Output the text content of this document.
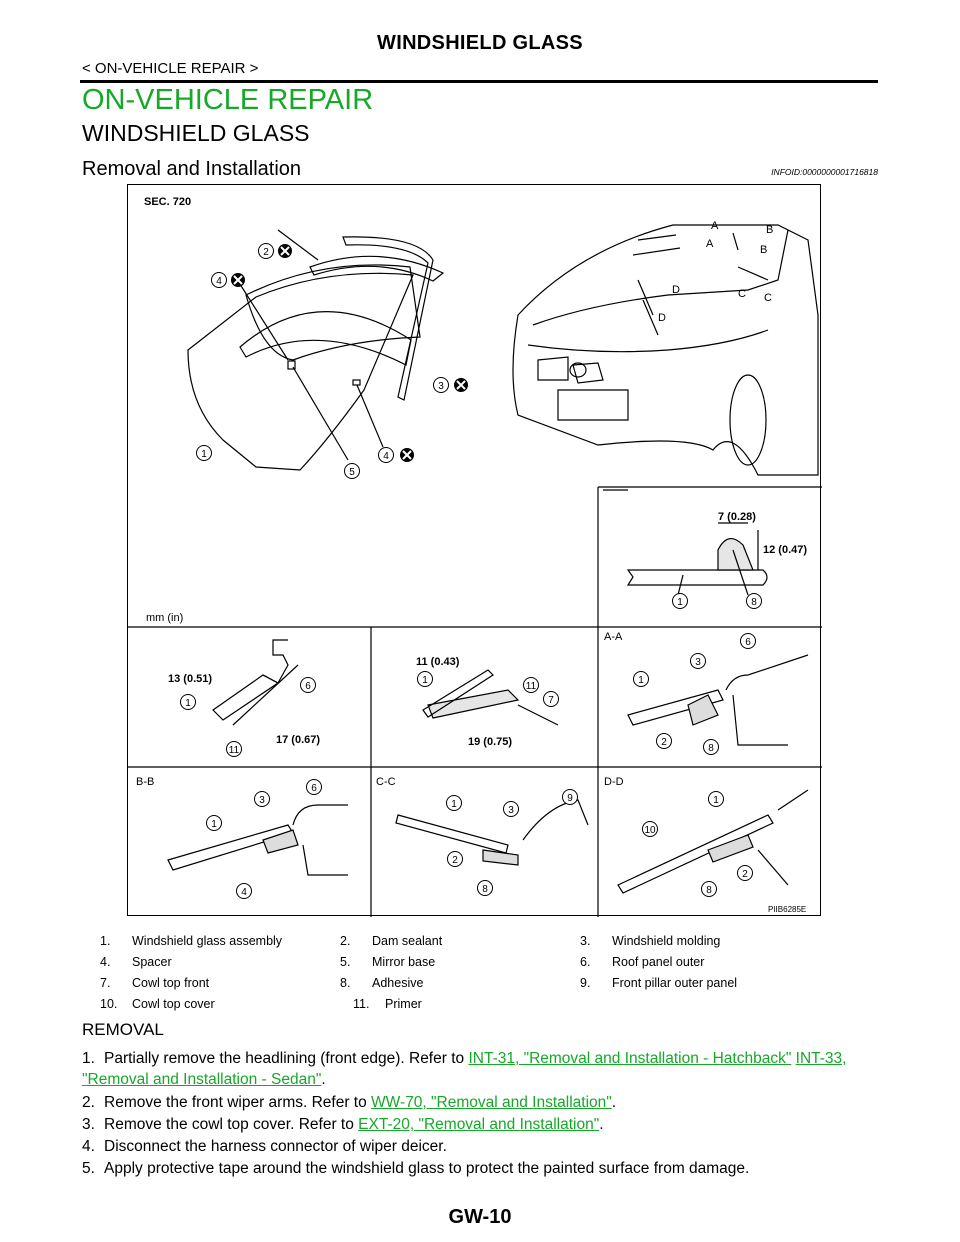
WINDSHIELD GLASS
< ON-VEHICLE REPAIR >
ON-VEHICLE REPAIR
WINDSHIELD GLASS
Removal and Installation	INFOID:0000000001716818
SEC. 720
mm (in)
PIIB6285E
7 (0.28)
12 (0.47)
13 (0.51)
17 (0.67)
11 (0.43)
19 (0.75)
A-A
B-B	C-C	D-D
A
A
B
B
C C
D
D
1
2
3
4
5
4
1	8
1
6
11
1
11
7
3
6
1
2
8
3
6
1
4
1
3
9
2
8
1
10
8
2
1.	Windshield glass assembly	2.	Dam sealant	3.	Windshield molding
4.	Spacer	5.	Mirror base	6.	Roof panel outer
7.	Cowl top front	8.	Adhesive	9.	Front pillar outer panel
10.	Cowl top cover	11.	Primer
REMOVAL
1. Partially remove the headlining (front edge). Refer to INT-31, "Removal and Installation - Hatchback" INT-33, "Removal and Installation - Sedan".
2. Remove the front wiper arms. Refer to WW-70, "Removal and Installation".
3. Remove the cowl top cover. Refer to EXT-20, "Removal and Installation".
4. Disconnect the harness connector of wiper deicer.
5. Apply protective tape around the windshield glass to protect the painted surface from damage.
GW-10
